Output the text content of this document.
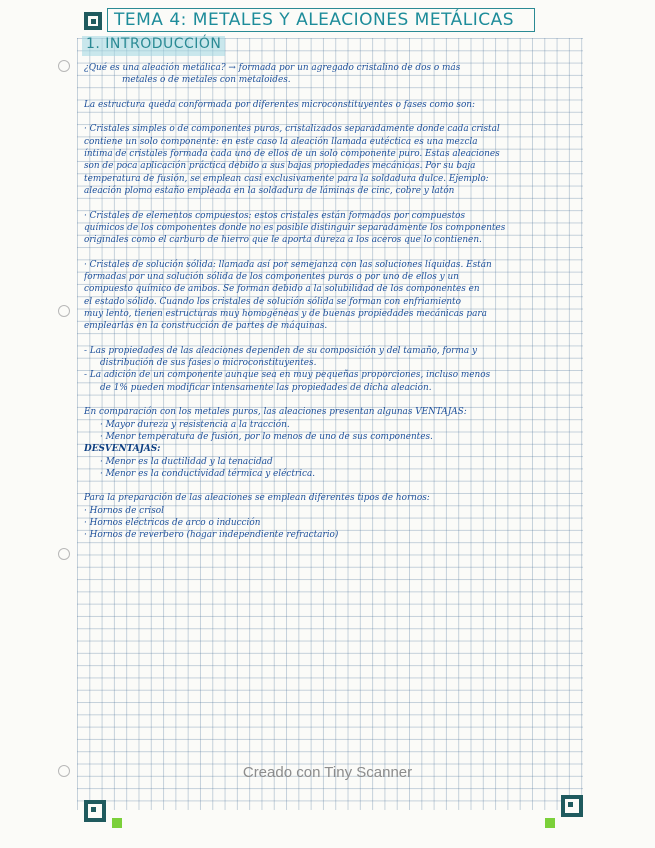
TEMA 4: METALES Y ALEACIONES METÁLICAS
1. INTRODUCCIÓN
¿Qué es una aleación metálica? → formada por un agregado cristalino de dos o más
metales o de metales con metaloides.
La estructura queda conformada por diferentes microconstituyentes o fases como son:
· Cristales simples o de componentes puros, cristalizados separadamente donde cada cristal
contiene un solo componente: en este caso la aleación llamada eutéctica es una mezcla
íntima de cristales formada cada uno de ellos de un solo componente puro. Estas aleaciones
son de poca aplicación práctica debido a sus bajas propiedades mecánicas. Por su baja
temperatura de fusión, se emplean casi exclusivamente para la soldadura dulce. Ejemplo:
aleación plomo estaño empleada en la soldadura de láminas de cinc, cobre y latón
· Cristales de elementos compuestos: estos cristales están formados por compuestos
químicos de los componentes donde no es posible distinguir separadamente los componentes
originales como el carburo de hierro que le aporta dureza a los aceros que lo contienen.
· Cristales de solución sólida: llamada así por semejanza con las soluciones líquidas. Están
formadas por una solución sólida de los componentes puros o por uno de ellos y un
compuesto químico de ambos. Se forman debido a la solubilidad de los componentes en
el estado sólido. Cuando los cristales de solución sólida se forman con enfriamiento
muy lento, tienen estructuras muy homogéneas y de buenas propiedades mecánicas para
emplearlas en la construcción de partes de máquinas.
- Las propiedades de las aleaciones dependen de su composición y del tamaño, forma y
distribución de sus fases o microconstituyentes.
- La adición de un componente aunque sea en muy pequeñas proporciones, incluso menos
de 1% pueden modificar intensamente las propiedades de dicha aleación.
En comparación con los metales puros, las aleaciones presentan algunas VENTAJAS:
· Mayor dureza y resistencia a la tracción.
· Menor temperatura de fusión, por lo menos de uno de sus componentes.
DESVENTAJAS:
· Menor es la ductilidad y la tenacidad
· Menor es la conductividad térmica y eléctrica.
Para la preparación de las aleaciones se emplean diferentes tipos de hornos:
· Hornos de crisol
· Hornos eléctricos de arco o inducción
· Hornos de reverbero (hogar independiente refractario)
Creado con Tiny Scanner
